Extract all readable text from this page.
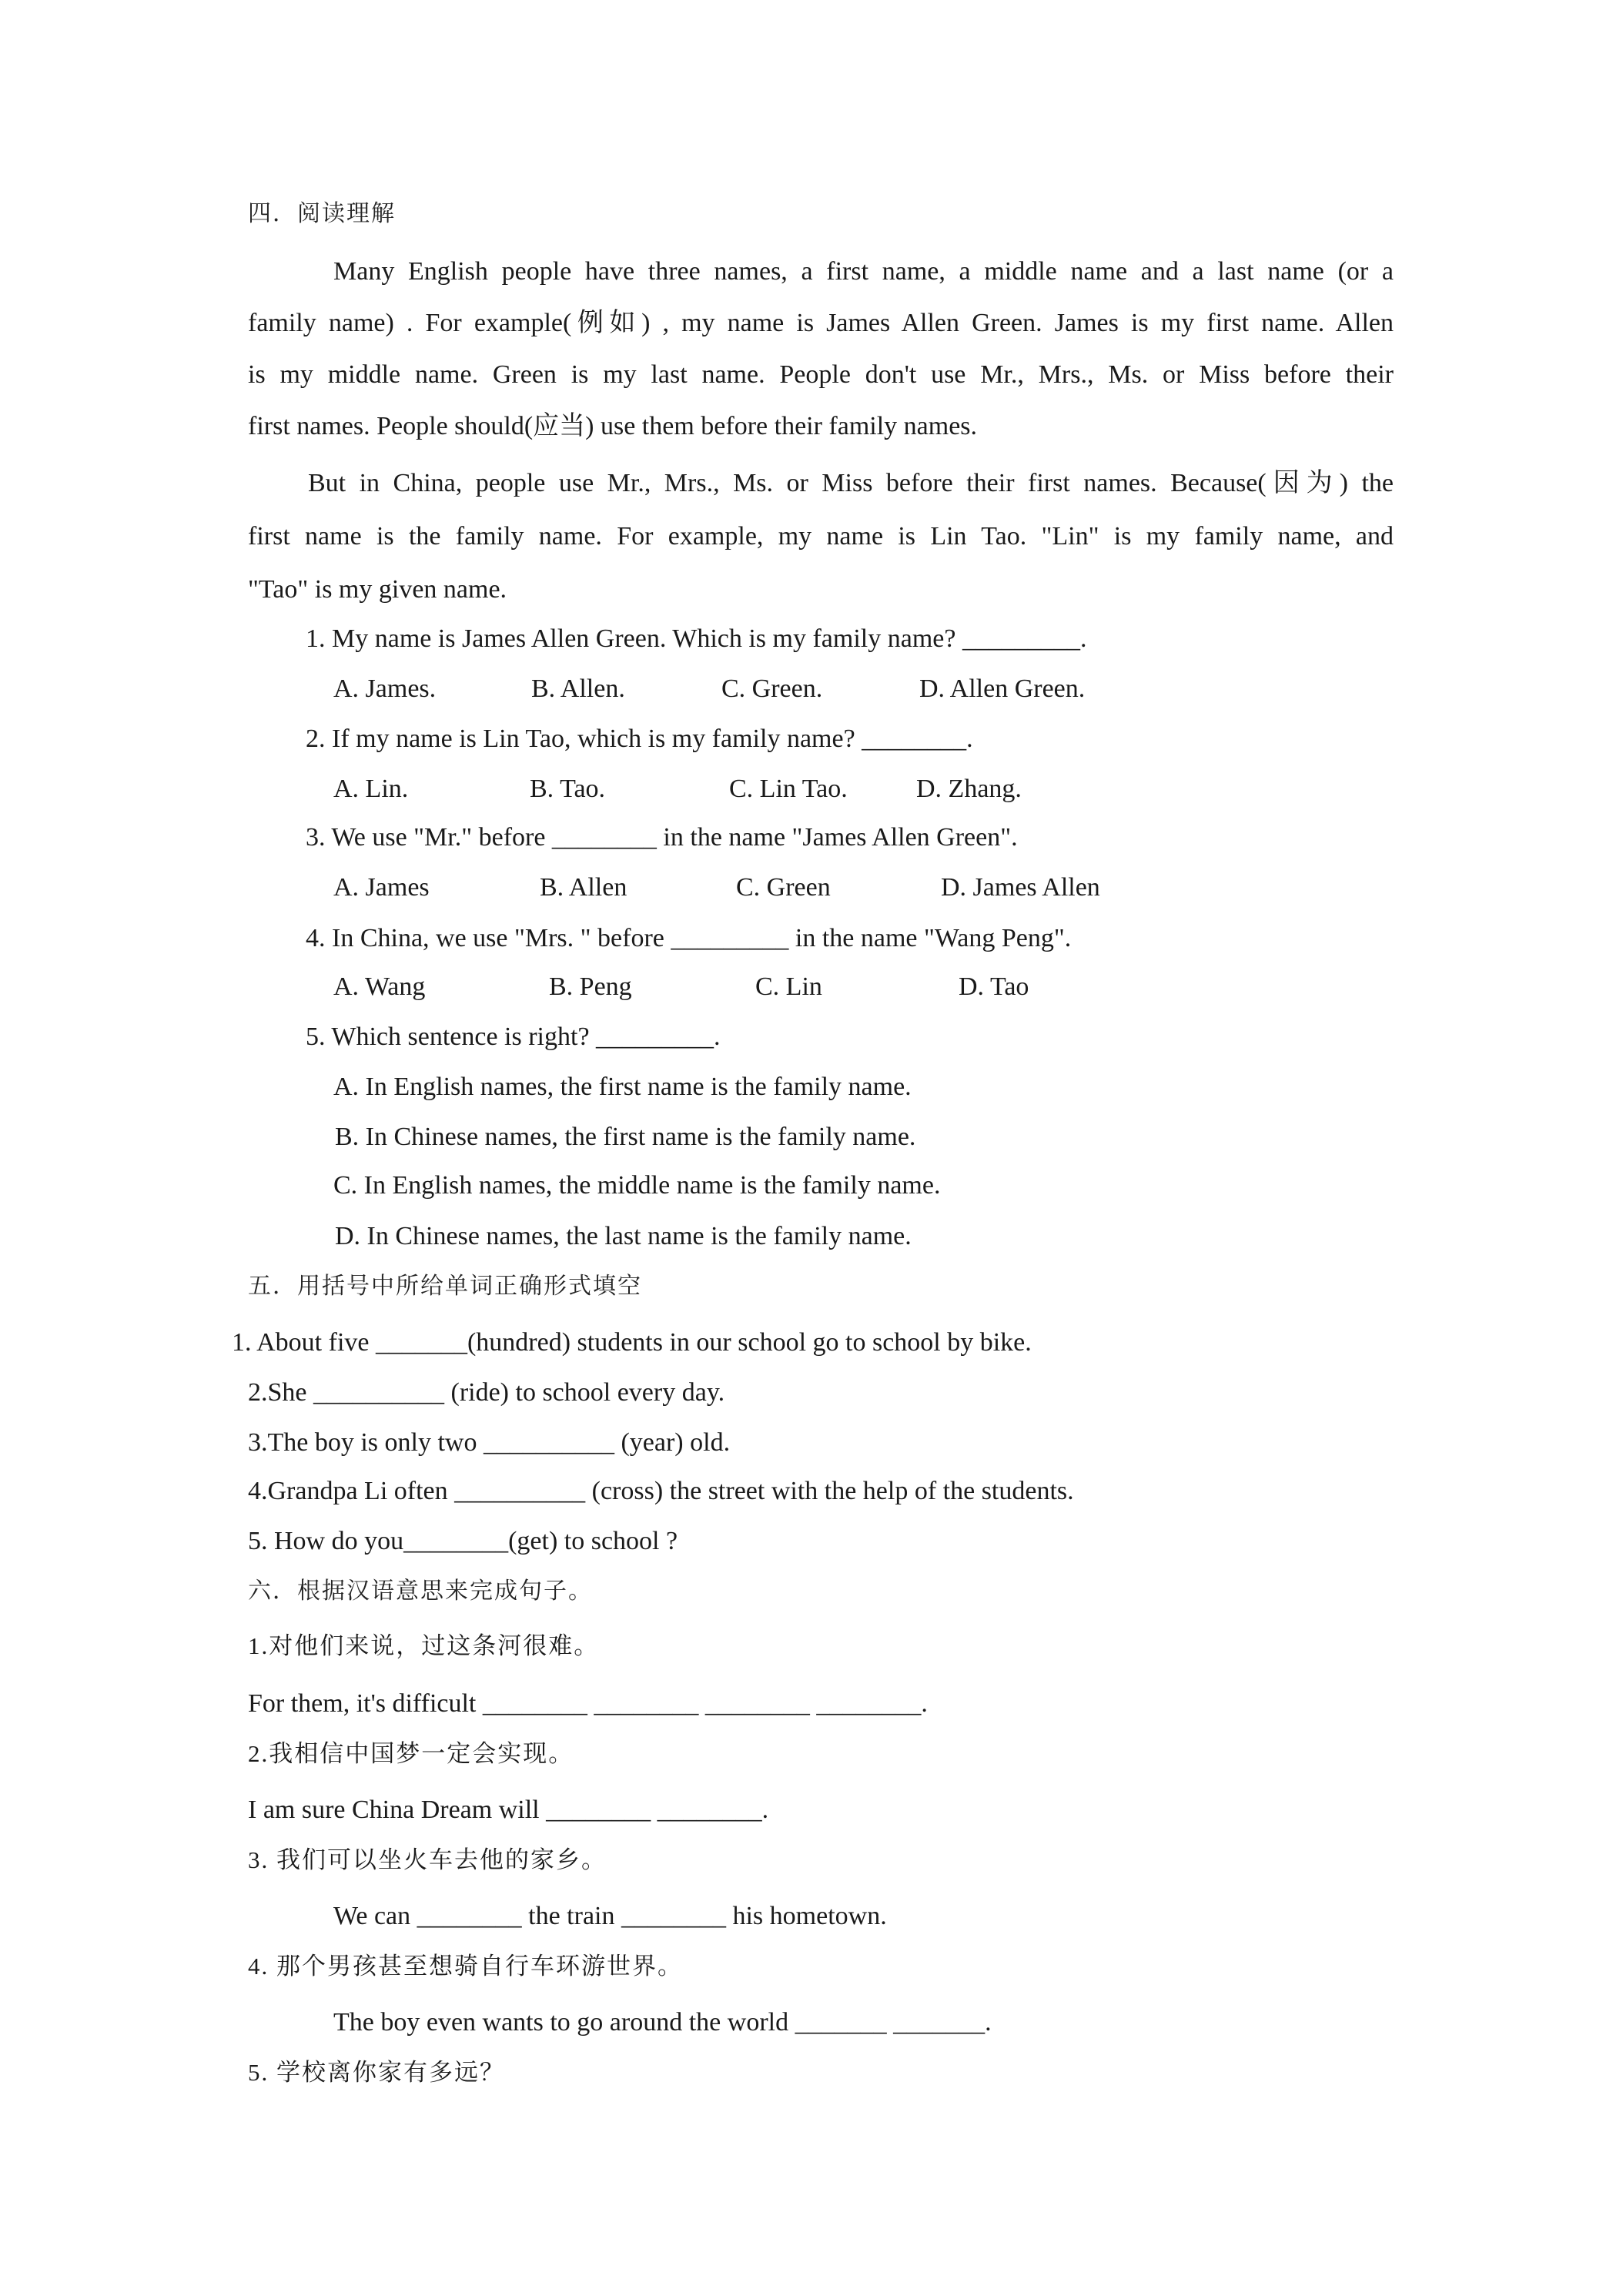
四．阅读理解
Many English people have three names, a first name, a middle name and a last name (or a
family name) . For example(例如) , my name is James Allen Green. James is my first name. Allen
is my middle name. Green is my last name. People don't use Mr., Mrs., Ms. or Miss before their
first names. People should(应当) use them before their family names.
But in China, people use Mr., Mrs., Ms. or Miss before their first names. Because(因为) the
first name is the family name. For example, my name is Lin Tao. "Lin" is my family name, and
"Tao" is my given name.
1. My name is James Allen Green. Which is my family name? _________.
A. James.	B. Allen.	C. Green.	D. Allen Green.
2. If my name is Lin Tao, which is my family name? ________.
A. Lin.	B. Tao.	C. Lin Tao.	D. Zhang.
3. We use "Mr." before ________ in the name "James Allen Green".
A. James	B. Allen	C. Green	D. James Allen
4. In China, we use "Mrs. " before _________ in the name "Wang Peng".
A. Wang	B. Peng	C. Lin	D. Tao
5. Which sentence is right? _________.
A. In English names, the first name is the family name.
B. In Chinese names, the first name is the family name.
C. In English names, the middle name is the family name.
D. In Chinese names, the last name is the family name.
五．用括号中所给单词正确形式填空
1. About five _______(hundred) students in our school go to school by bike.
2.She __________ (ride) to school every day.
3.The boy is only two __________ (year) old.
4.Grandpa Li often __________ (cross) the street with the help of the students.
5. How do you________(get) to school ?
六．根据汉语意思来完成句子。
1.对他们来说，过这条河很难。
For them, it's difficult ________ ________ ________ ________.
2.我相信中国梦一定会实现。
I am sure China Dream will ________ ________.
3. 我们可以坐火车去他的家乡。
We can ________ the train ________ his hometown.
4. 那个男孩甚至想骑自行车环游世界。
The boy even wants to go around the world _______ _______.
5. 学校离你家有多远？
